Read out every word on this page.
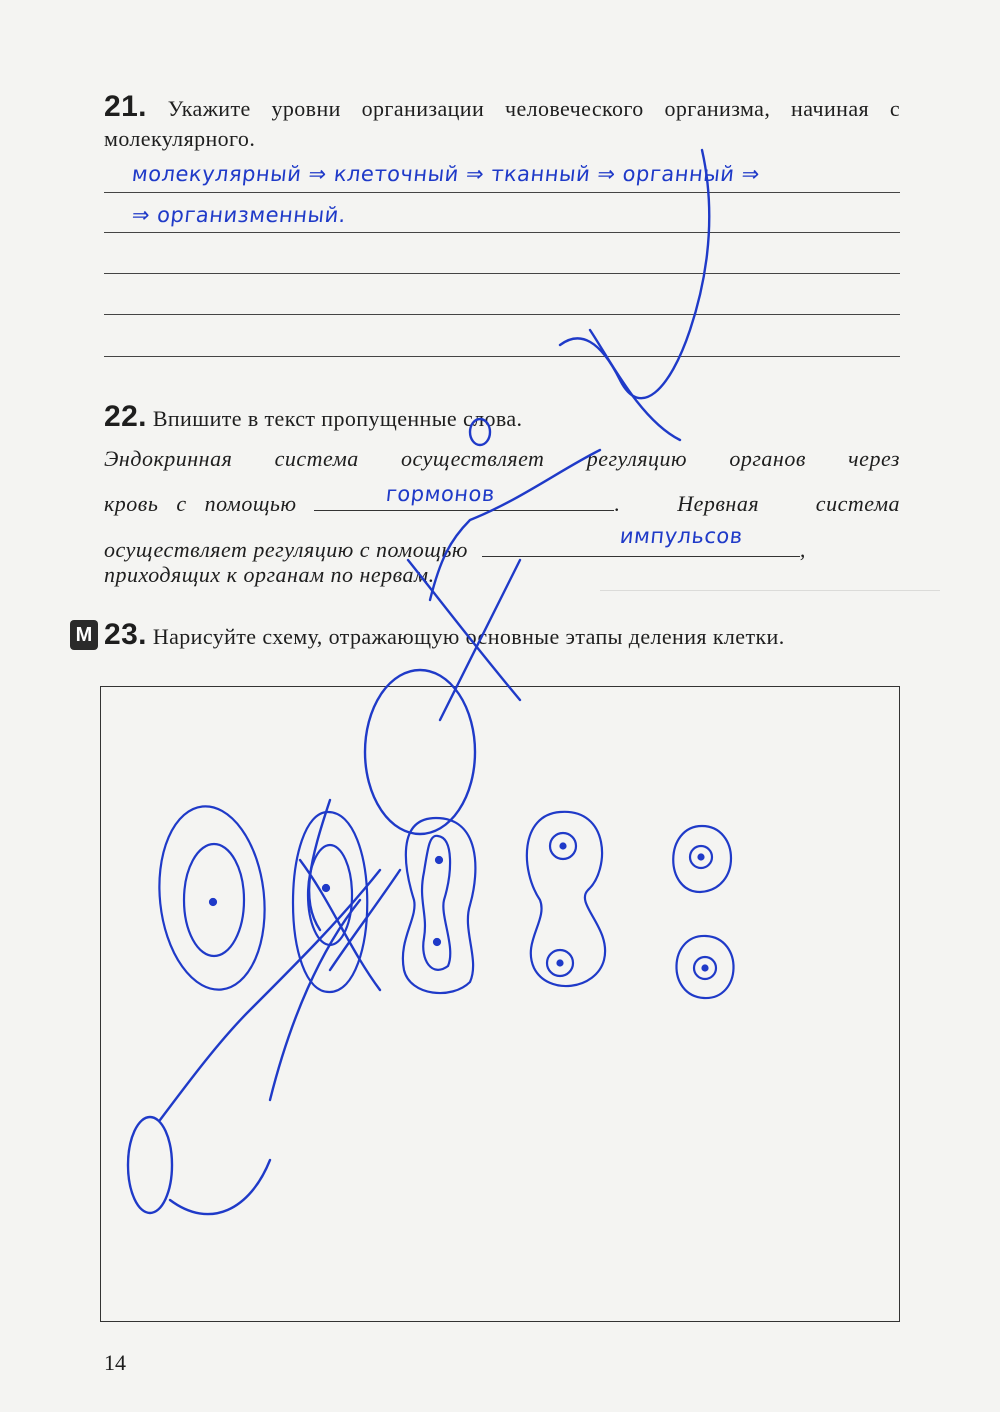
21. Укажите уровни организации человеческого организма, начиная с молекулярного.
молекулярный ⇒ клеточный ⇒ тканный ⇒ органный ⇒
⇒ организменный.
22. Впишите в текст пропущенные слова.
Эндокринная система осуществляет регуляцию органов через
кровь с помощью	. Нервная система
гормонов
осуществляет регуляцию с помощью	,
импульсов
приходящих к органам по нервам.
М 23. Нарисуйте схему, отражающую основные этапы деления клетки.
14
